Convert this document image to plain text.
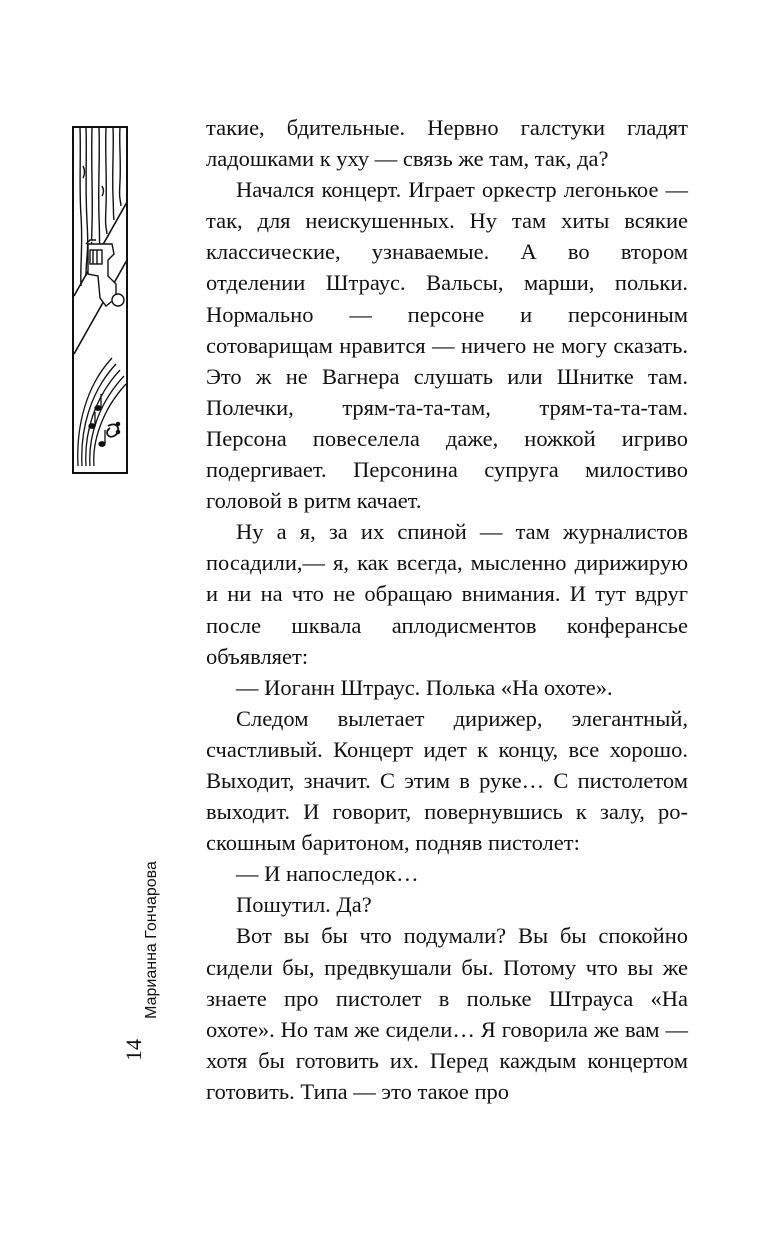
Марианна Гончарова
14

такие, бдительные. Нервно галстуки гладят ладошками к уху — связь же там, так, да?

Начался концерт. Играет оркестр легонькое — так, для неискушенных. Ну там хиты всякие классические, узнаваемые. А во втором отделении Штраус. Вальсы, марши, польки. Нормально — персоне и персониным сотоварищам нравится — ничего не могу сказать. Это ж не Вагнера слушать или Шнитке там. Полечки, трям-та-та-там, трям-та-та-там. Персона повеселела даже, ножкой игриво подергивает. Персонина супруга милостиво головой в ритм качает.

Ну а я, за их спиной — там журналистов посадили,— я, как всегда, мысленно дирижирую и ни на что не обращаю внимания. И тут вдруг после шквала аплодисментов конферансье объявляет:

— Иоганн Штраус. Полька «На охоте».

Следом вылетает дирижер, элегантный, счастливый. Концерт идет к концу, все хорошо. Выходит, значит. С этим в руке… С пистолетом выходит. И говорит, повернувшись к залу, роскошным баритоном, подняв пистолет:

— И напоследок…

Пошутил. Да?

Вот вы бы что подумали? Вы бы спокойно сидели бы, предвкушали бы. Потому что вы же знаете про пистолет в польке Штрауса «На охоте». Но там же сидели… Я говорила же вам — хотя бы готовить их. Перед каждым концертом готовить. Типа — это такое про
